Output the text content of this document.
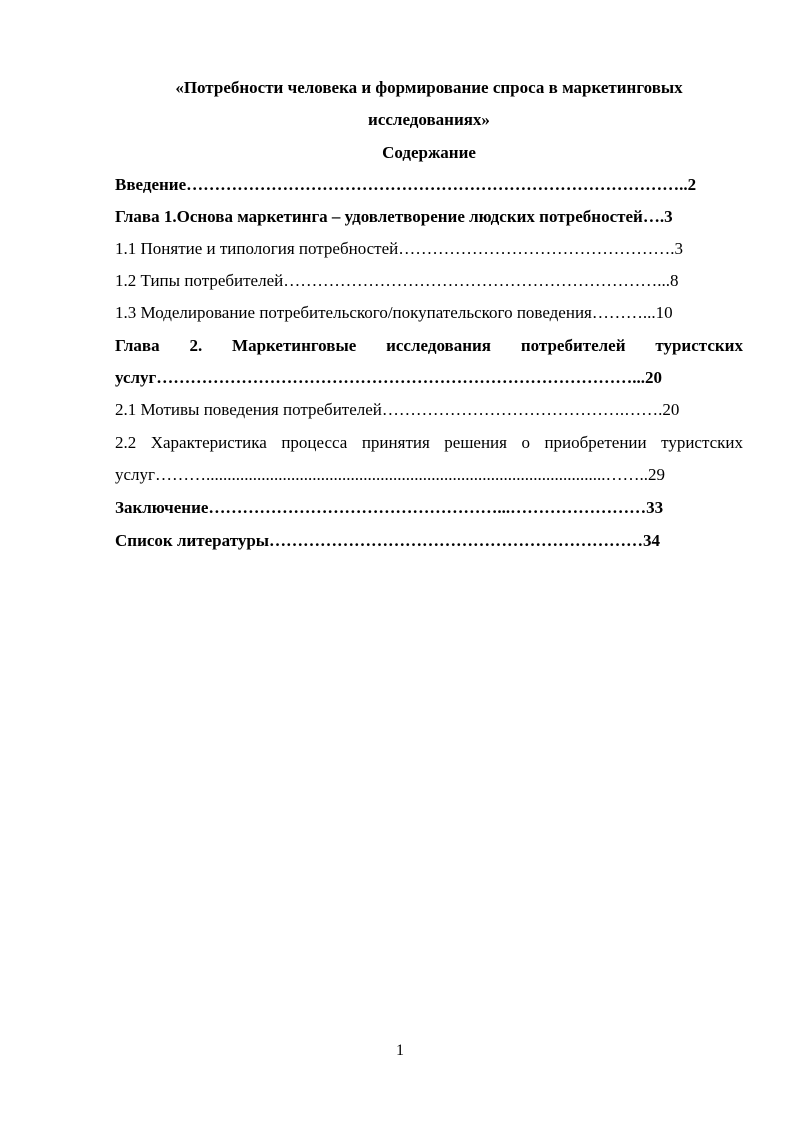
«Потребности человека и формирование спроса в маркетинговых
исследованиях»
Содержание
Введение……………………………………………………………………………..2
Глава 1.Основа маркетинга – удовлетворение людских потребностей….3
1.1 Понятие и типология потребностей………………………………………….3
1.2 Типы потребителей…………………………………………………………...8
1.3 Моделирование потребительского/покупательского поведения………...10
Глава 2. Маркетинговые исследования потребителей туристских
услуг…………………………………………………………………………...20
2.1 Мотивы поведения потребителей…………………………………….…….20
2.2 Характеристика процесса принятия решения о приобретении туристских
услуг………..............................................................................................……..29
Заключение……………………………………………...……………………33
Список литературы…………………………………………………………34
1
